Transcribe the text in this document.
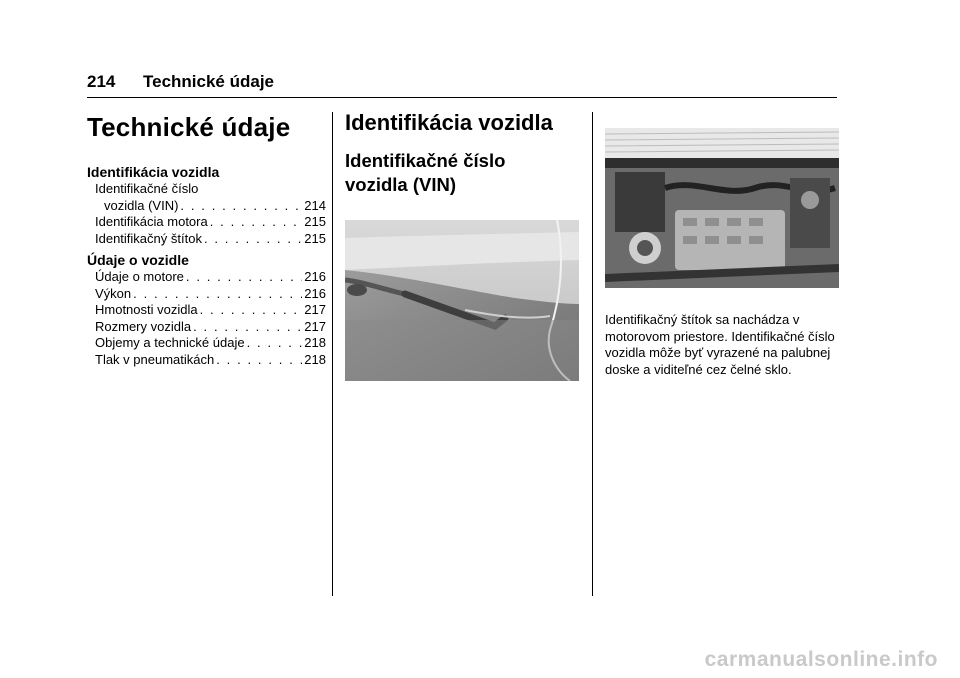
214 Technické údaje
Technické údaje
Identifikácia vozidla
Identifikačné číslo
vozidla (VIN) . . .	214
Identifikácia motora . . .	215
Identifikačný štítok . . .	215
Údaje o vozidle
Údaje o motore . . .	216
Výkon . . .	216
Hmotnosti vozidla . . .	217
Rozmery vozidla . . .	217
Objemy a technické údaje . . .	218
Tlak v pneumatikách . . .	218
Identifikácia vozidla
Identifikačné číslo vozidla (VIN)
Identifikačný štítok sa nachádza v motorovom priestore. Identifikačné číslo vozidla môže byť vyrazené na palubnej doske a viditeľné cez čelné sklo.
carmanualsonline.info
